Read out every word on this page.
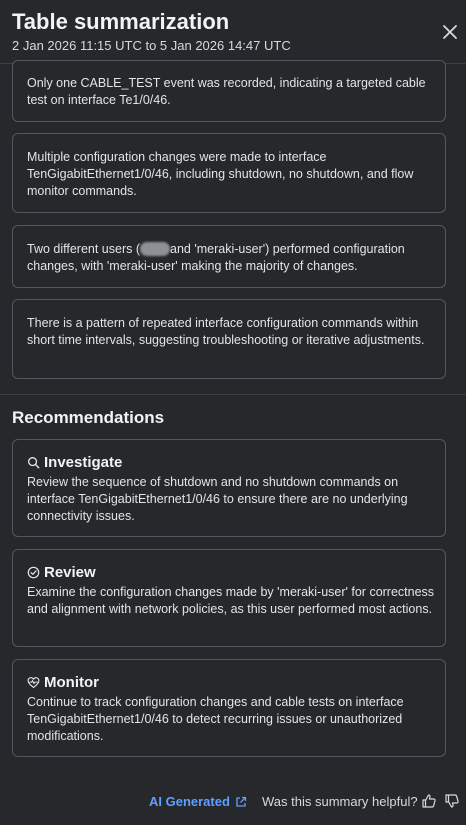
Table summarization
2 Jan 2026 11:15 UTC to 5 Jan 2026 14:47 UTC

Only one CABLE_TEST event was recorded, indicating a targeted cable test on interface Te1/0/46.

Multiple configuration changes were made to interface TenGigabitEthernet1/0/46, including shutdown, no shutdown, and flow monitor commands.

Two different users ( and 'meraki-user') performed configuration changes, with 'meraki-user' making the majority of changes.

There is a pattern of repeated interface configuration commands within short time intervals, suggesting troubleshooting or iterative adjustments.

Recommendations
Investigate

Review the sequence of shutdown and no shutdown commands on interface TenGigabitEthernet1/0/46 to ensure there are no underlying connectivity issues.

Review

Examine the configuration changes made by 'meraki-user' for correctness and alignment with network policies, as this user performed most actions.

Monitor

Continue to track configuration changes and cable tests on interface TenGigabitEthernet1/0/46 to detect recurring issues or unauthorized modifications.

AI Generated Was this summary helpful?
